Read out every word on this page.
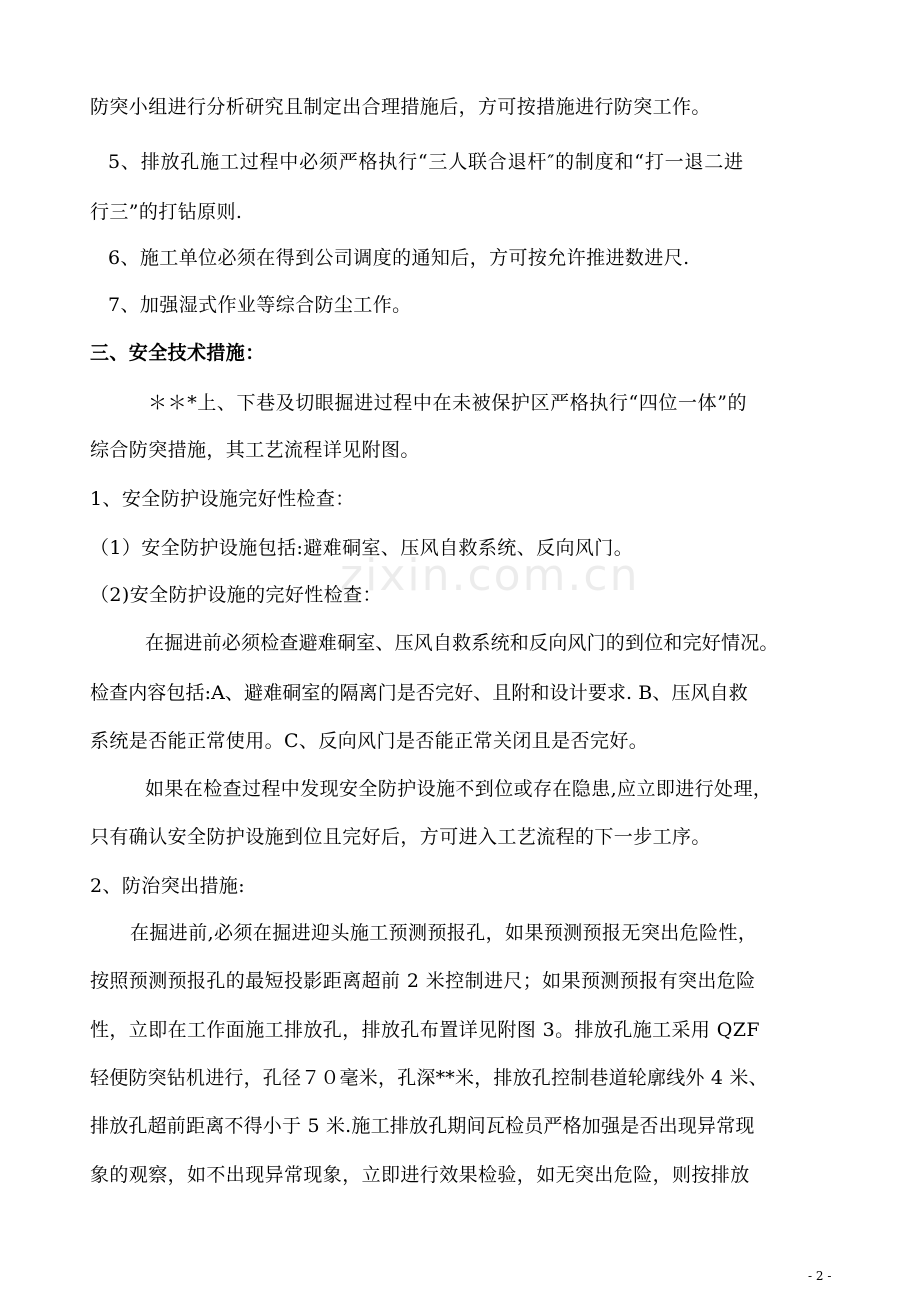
zixin.com.cn
防突小组进行分析研究且制定出合理措施后，方可按措施进行防突工作。
5、排放孔施工过程中必须严格执行“三人联合退杆″的制度和“打一退二进
行三”的打钻原则.
6、施工单位必须在得到公司调度的通知后，方可按允许推进数进尺.
7、加强湿式作业等综合防尘工作。
三、安全技术措施：
＊＊*上、下巷及切眼掘进过程中在未被保护区严格执行“四位一体”的
综合防突措施，其工艺流程详见附图。
1、安全防护设施完好性检查：
（1）安全防护设施包括:避难硐室、压风自救系统、反向风门。
（2)安全防护设施的完好性检查：
在掘进前必须检查避难硐室、压风自救系统和反向风门的到位和完好情况。
检查内容包括:A、避难硐室的隔离门是否完好、且附和设计要求. B、压风自救
系统是否能正常使用。C、反向风门是否能正常关闭且是否完好。
如果在检查过程中发现安全防护设施不到位或存在隐患,应立即进行处理，
只有确认安全防护设施到位且完好后，方可进入工艺流程的下一步工序。
2、防治突出措施:
在掘进前,必须在掘进迎头施工预测预报孔，如果预测预报无突出危险性，
按照预测预报孔的最短投影距离超前 2 米控制进尺；如果预测预报有突出危险
性，立即在工作面施工排放孔，排放孔布置详见附图 3。排放孔施工采用 QZF
轻便防突钻机进行，孔径７０毫米，孔深**米，排放孔控制巷道轮廓线外 4 米、
排放孔超前距离不得小于 5 米.施工排放孔期间瓦检员严格加强是否出现异常现
象的观察，如不出现异常现象，立即进行效果检验，如无突出危险，则按排放
- 2 -
